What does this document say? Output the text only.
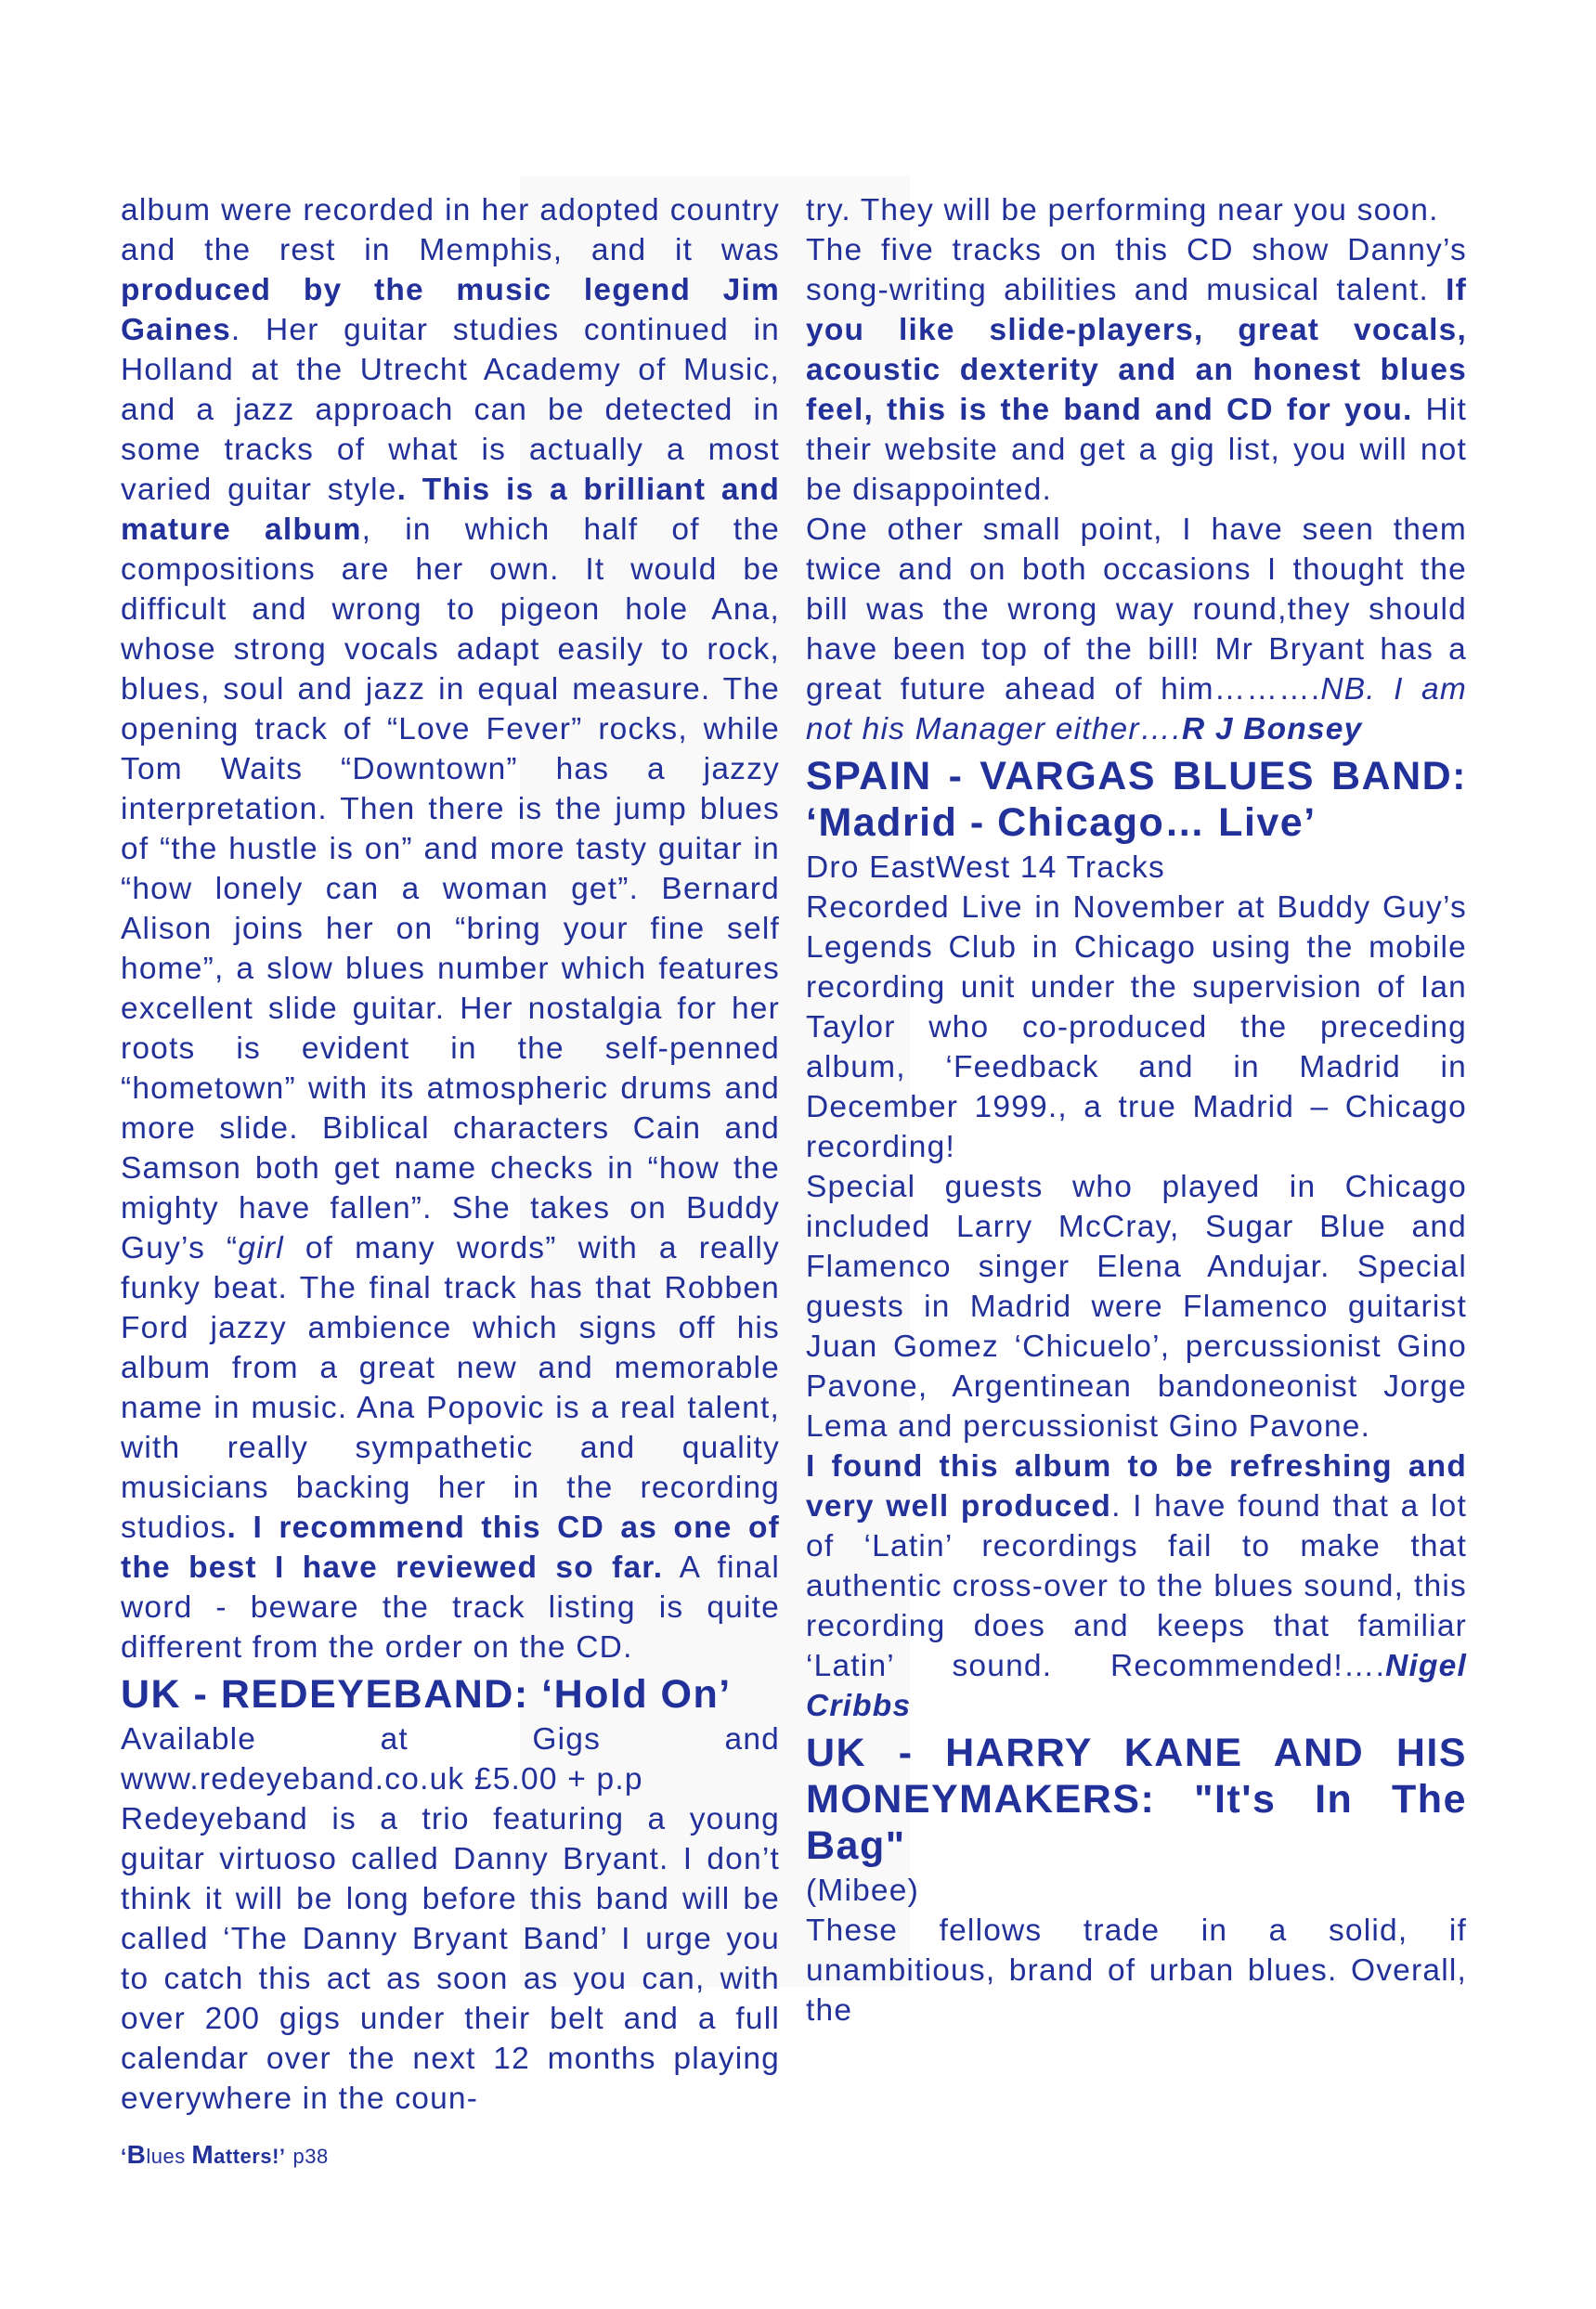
album were recorded in her adopted country and the rest in Memphis, and it was produced by the music legend Jim Gaines. Her guitar studies continued in Holland at the Utrecht Academy of Music, and a jazz approach can be detected in some tracks of what is actually a most varied guitar style. This is a brilliant and mature album, in which half of the compositions are her own. It would be difficult and wrong to pigeon hole Ana, whose strong vocals adapt easily to rock, blues, soul and jazz in equal measure. The opening track of “Love Fever” rocks, while Tom Waits “Downtown” has a jazzy interpretation. Then there is the jump blues of “the hustle is on” and more tasty guitar in “how lonely can a woman get”. Bernard Alison joins her on “bring your fine self home”, a slow blues number which features excellent slide guitar. Her nostalgia for her roots is evident in the self-penned “hometown” with its atmospheric drums and more slide. Biblical characters Cain and Samson both get name checks in “how the mighty have fallen”. She takes on Buddy Guy’s “girl of many words” with a really funky beat. The final track has that Robben Ford jazzy ambience which signs off his album from a great new and memorable name in music. Ana Popovic is a real talent, with really sympathetic and quality musicians backing her in the recording studios. I recommend this CD as one of the best I have reviewed so far. A final word - beware the track listing is quite different from the order on the CD.

UK - REDEYEBAND: ‘Hold On’

Available at Gigs and www.redeyeband.co.uk £5.00 + p.p

Redeyeband is a trio featuring a young guitar virtuoso called Danny Bryant. I don’t think it will be long before this band will be called ‘The Danny Bryant Band’ I urge you to catch this act as soon as you can, with over 200 gigs under their belt and a full calendar over the next 12 months playing everywhere in the coun-

try. They will be performing near you soon.

The five tracks on this CD show Danny’s song-writing abilities and musical talent. If you like slide-players, great vocals, acoustic dexterity and an honest blues feel, this is the band and CD for you. Hit their website and get a gig list, you will not be disappointed.

One other small point, I have seen them twice and on both occasions I thought the bill was the wrong way round,they should have been top of the bill! Mr Bryant has a great future ahead of him……….NB. I am not his Manager either….R J Bonsey

SPAIN - VARGAS BLUES BAND: ‘Madrid - Chicago… Live’

Dro EastWest 14 Tracks

Recorded Live in November at Buddy Guy’s Legends Club in Chicago using the mobile recording unit under the supervision of Ian Taylor who co-produced the preceding album, ‘Feedback and in Madrid in December 1999., a true Madrid – Chicago recording!

Special guests who played in Chicago included Larry McCray, Sugar Blue and Flamenco singer Elena Andujar. Special guests in Madrid were Flamenco guitarist Juan Gomez ‘Chicuelo’, percussionist Gino Pavone, Argentinean bandoneonist Jorge Lema and percussionist Gino Pavone.

I found this album to be refreshing and very well produced. I have found that a lot of ‘Latin’ recordings fail to make that authentic cross-over to the blues sound, this recording does and keeps that familiar ‘Latin’ sound. Recommended!….Nigel Cribbs

UK - HARRY KANE AND HIS MONEYMAKERS: "It's In The Bag"

(Mibee)

These fellows trade in a solid, if unambitious, brand of urban blues. Overall, the

‘Blues Matters!’ p38
